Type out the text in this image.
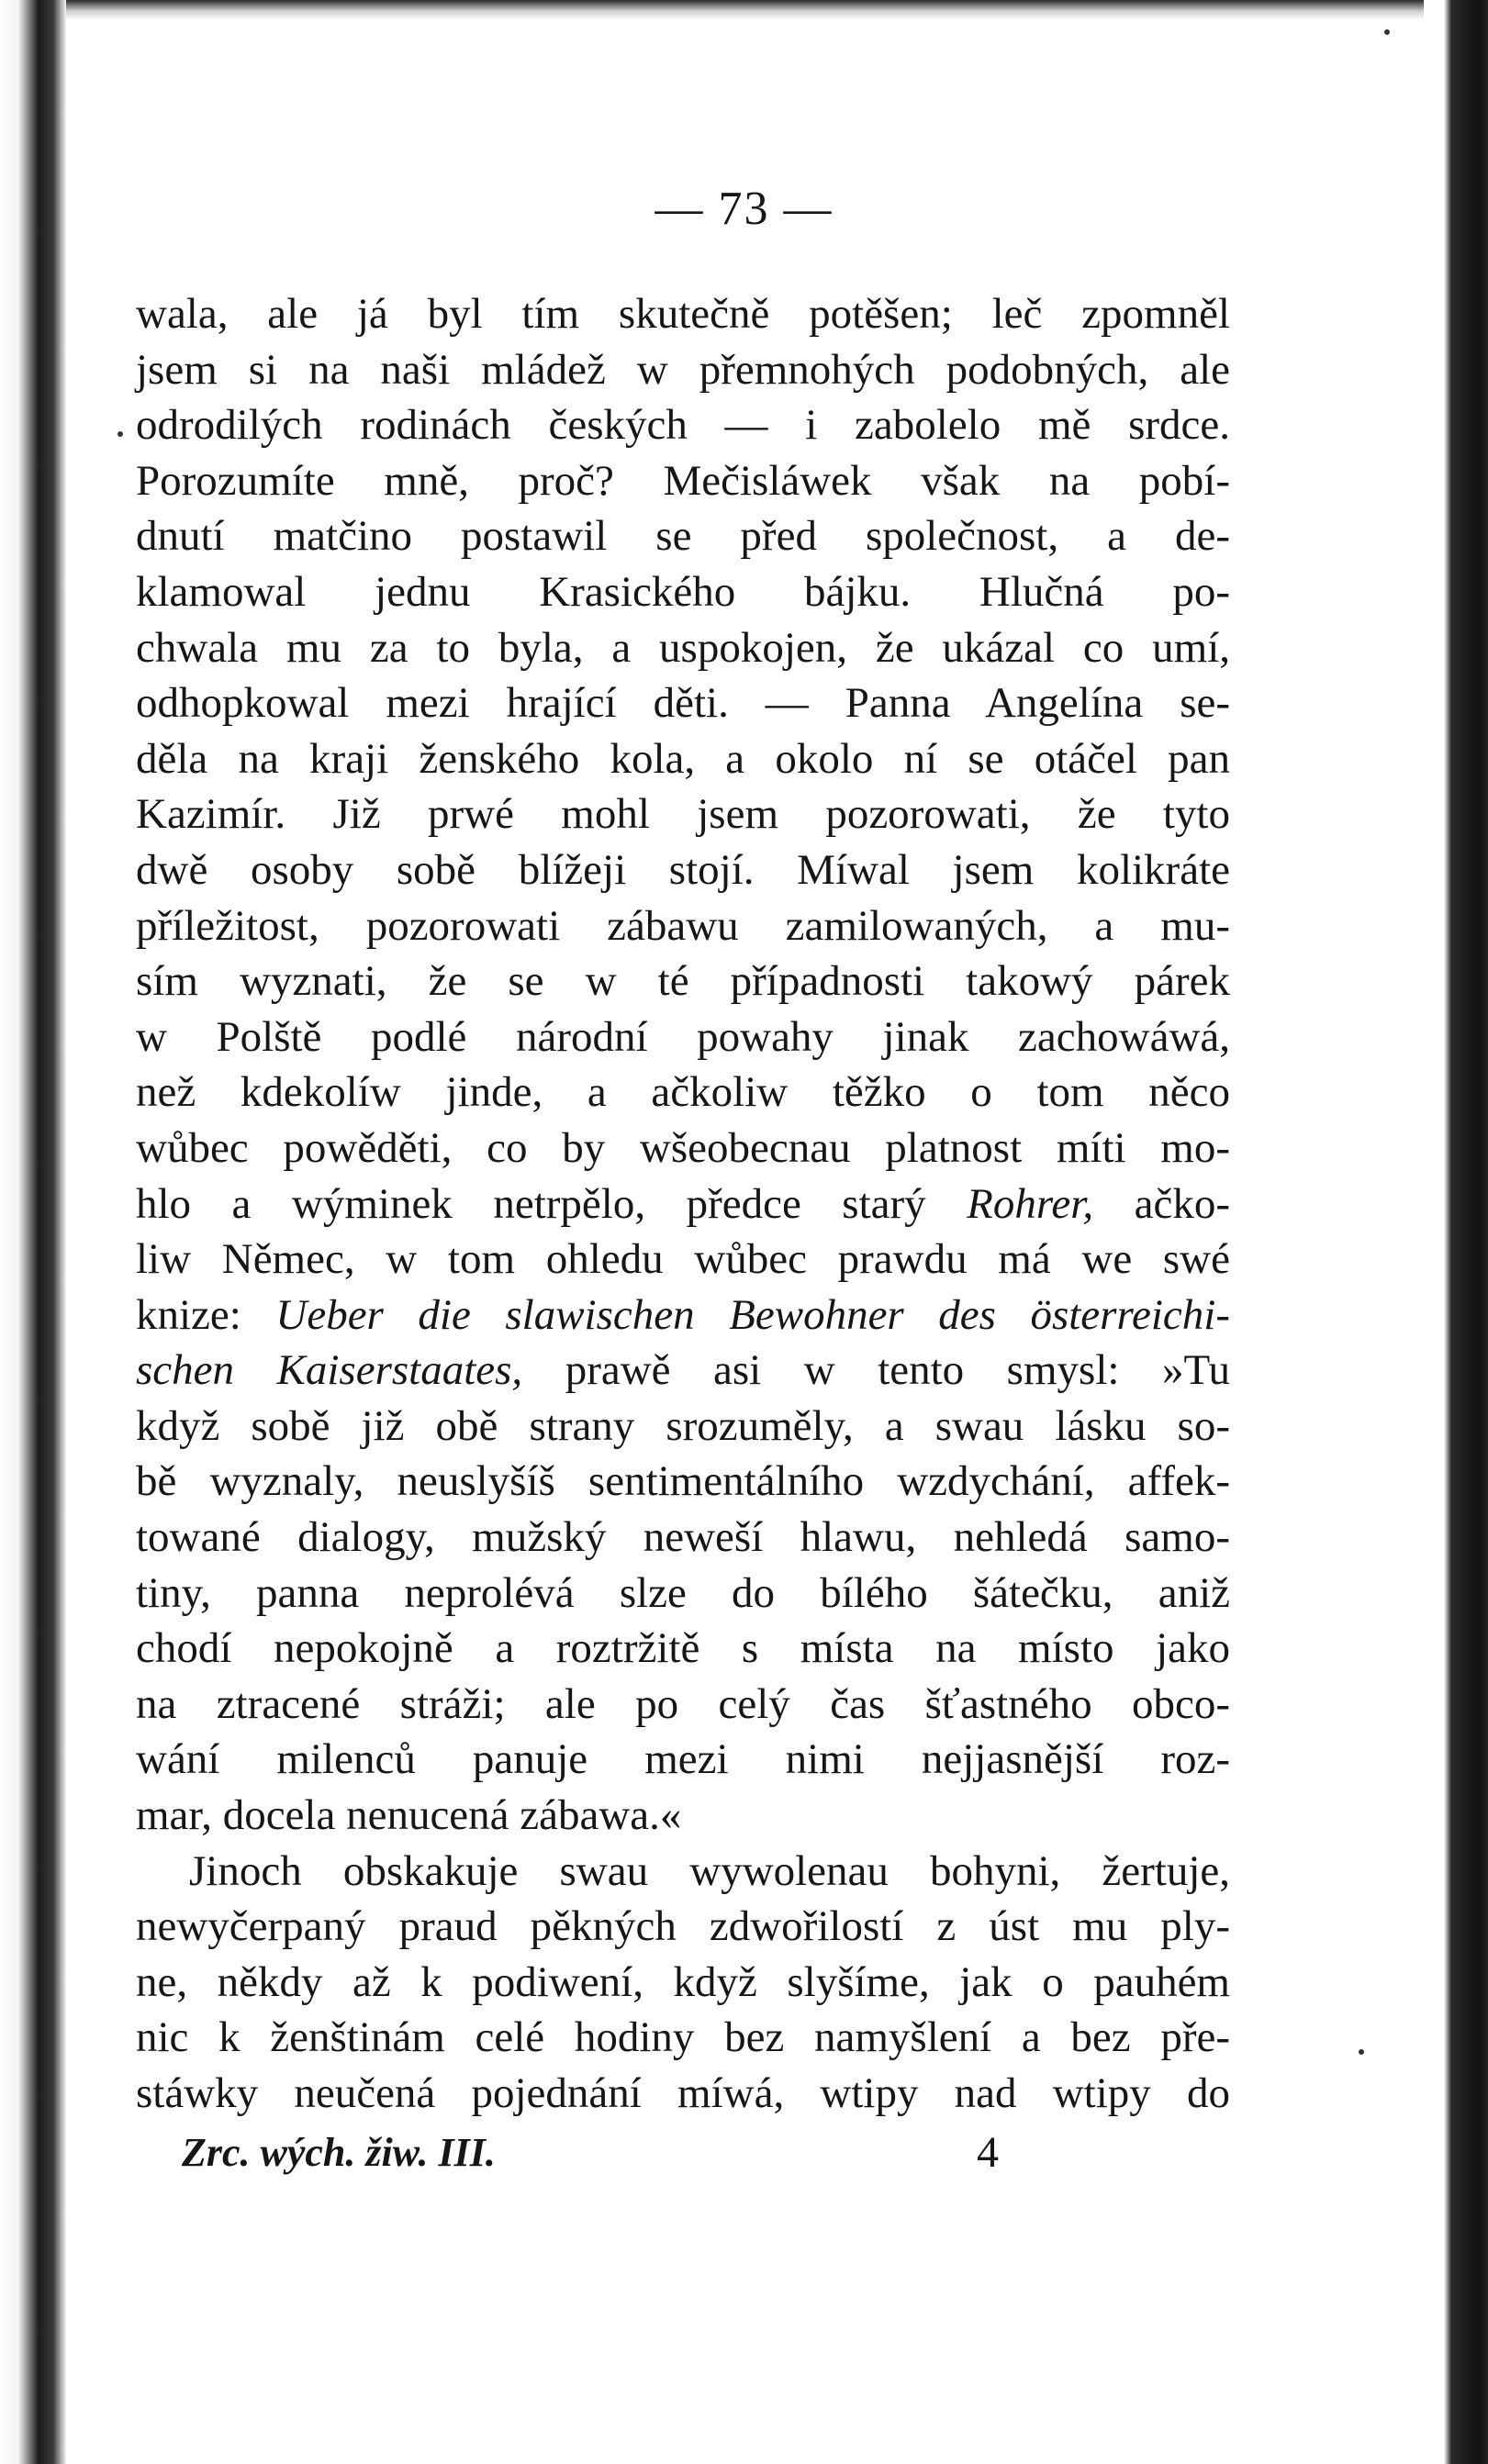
— 73 —
wala, ale já byl tím skutečně potěšen; leč zpomněl
jsem si na naši mládež w přemnohých podobných, ale
odrodilých rodinách českých — i zabolelo mě srdce.
Porozumíte mně, proč? Mečisláwek však na pobí-
dnutí matčino postawil se před společnost, a de-
klamowal jednu Krasického bájku. Hlučná po-
chwala mu za to byla, a uspokojen, že ukázal co umí,
odhopkowal mezi hrající děti. — Panna Angelína se-
děla na kraji ženského kola, a okolo ní se otáčel pan
Kazimír. Již prwé mohl jsem pozorowati, že tyto
dwě osoby sobě blížeji stojí. Míwal jsem kolikráte
příležitost, pozorowati zábawu zamilowaných, a mu-
sím wyznati, že se w té případnosti takowý párek
w Polště podlé národní powahy jinak zachowáwá,
než kdekolíw jinde, a ačkoliw těžko o tom něco
wůbec powěděti, co by wšeobecnau platnost míti mo-
hlo a wýminek netrpělo, předce starý Rohrer, ačko-
liw Němec, w tom ohledu wůbec prawdu má we swé
knize: Ueber die slawischen Bewohner des österreichi-
schen Kaiserstaates, prawě asi w tento smysl: »Tu
když sobě již obě strany srozuměly, a swau lásku so-
bě wyznaly, neuslyšíš sentimentálního wzdychání, affek-
towané dialogy, mužský neweší hlawu, nehledá samo-
tiny, panna neprolévá slze do bílého šátečku, aniž
chodí nepokojně a roztržitě s místa na místo jako
na ztracené stráži; ale po celý čas šťastného obco-
wání milenců panuje mezi nimi nejjasnější roz-
mar, docela nenucená zábawa.«
Jinoch obskakuje swau wywolenau bohyni, žertuje,
newyčerpaný praud pěkných zdwořilostí z úst mu ply-
ne, někdy až k podiwení, když slyšíme, jak o pauhém
nic k ženštinám celé hodiny bez namyšlení a bez pře-
stáwky neučená pojednání míwá, wtipy nad wtipy do
Zrc. wých. žiw. III.	4
